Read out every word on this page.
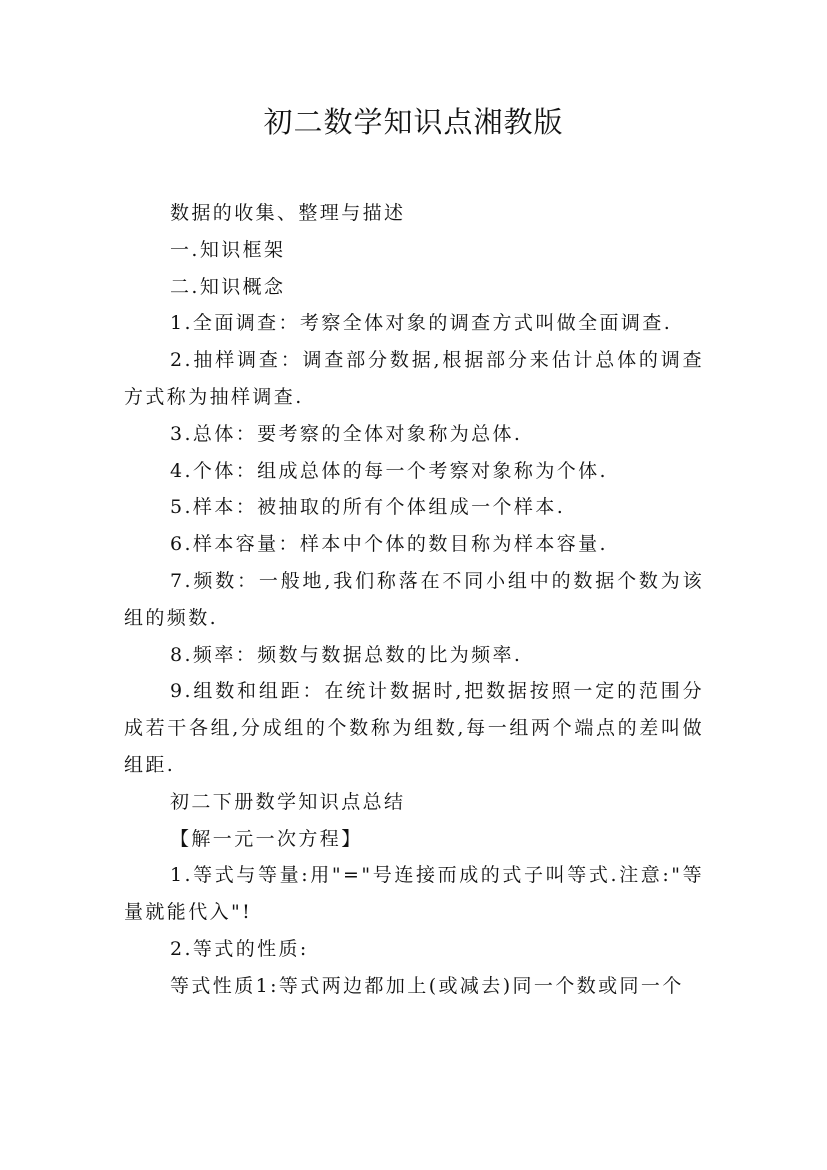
初二数学知识点湘教版

数据的收集、整理与描述

一.知识框架

二.知识概念

1.全面调查：考察全体对象的调查方式叫做全面调查.

2.抽样调查：调查部分数据,根据部分来估计总体的调查方式称为抽样调查.

3.总体：要考察的全体对象称为总体.

4.个体：组成总体的每一个考察对象称为个体.

5.样本：被抽取的所有个体组成一个样本.

6.样本容量：样本中个体的数目称为样本容量.

7.频数：一般地,我们称落在不同小组中的数据个数为该组的频数.

8.频率：频数与数据总数的比为频率.

9.组数和组距：在统计数据时,把数据按照一定的范围分成若干各组,分成组的个数称为组数,每一组两个端点的差叫做组距.

初二下册数学知识点总结

【解一元一次方程】

1.等式与等量:用"="号连接而成的式子叫等式.注意:"等量就能代入"!

2.等式的性质:

等式性质1:等式两边都加上(或减去)同一个数或同一个
